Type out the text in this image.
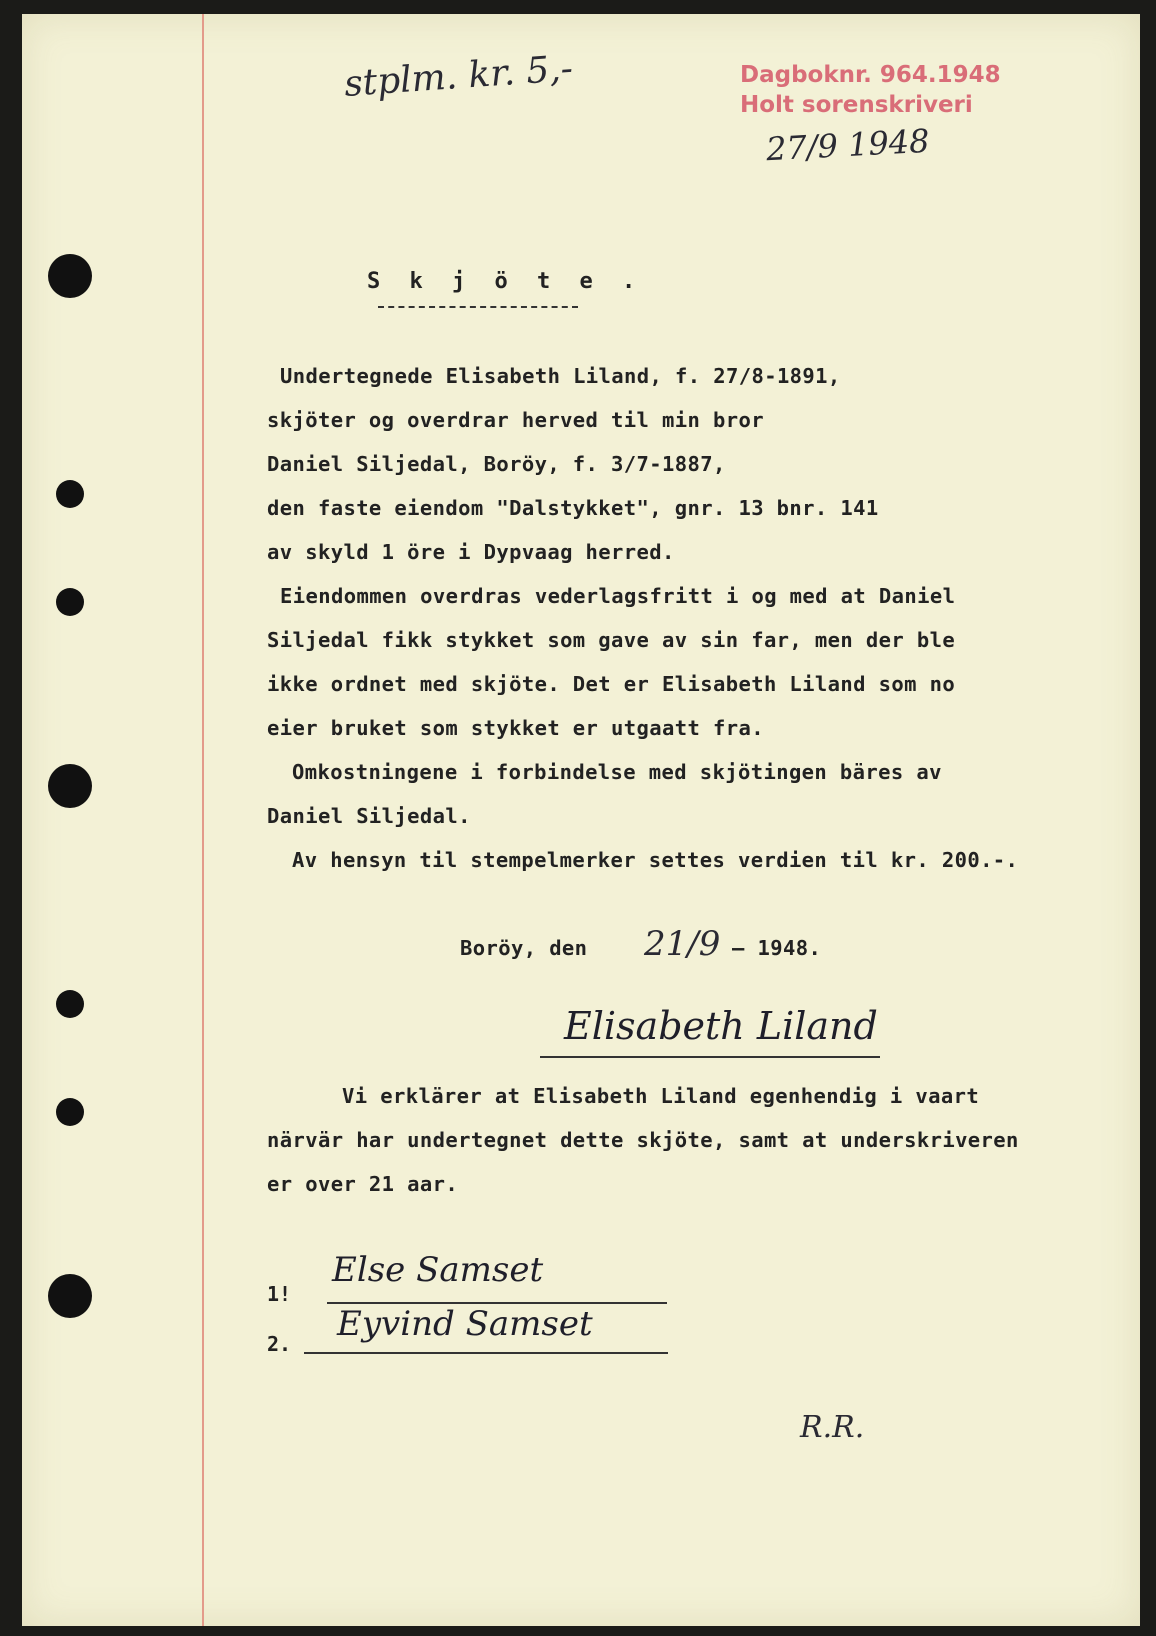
stplm. kr. 5,-	Dagboknr. 964.1948
Holt sorenskriveri
27/9 1948
S k j ö t e .
Undertegnede Elisabeth Liland, f. 27/8-1891,
skjöter og overdrar herved til min bror
Daniel Siljedal, Boröy, f. 3/7-1887,
den faste eiendom "Dalstykket", gnr. 13 bnr. 141
av skyld 1 öre i Dypvaag herred.
Eiendommen overdras vederlagsfritt i og med at Daniel
Siljedal fikk stykket som gave av sin far, men der ble
ikke ordnet med skjöte. Det er Elisabeth Liland som no
eier bruket som stykket er utgaatt fra.
Omkostningene i forbindelse med skjötingen bäres av
Daniel Siljedal.
Av hensyn til stempelmerker settes verdien til kr. 200.-.
Boröy, den 21/9 – 1948.
Elisabeth Liland
Vi erklärer at Elisabeth Liland egenhendig i vaart
närvär har undertegnet dette skjöte, samt at underskriveren
er over 21 aar.
1!
Else Samset
2. Eyvind Samset
R.R.
